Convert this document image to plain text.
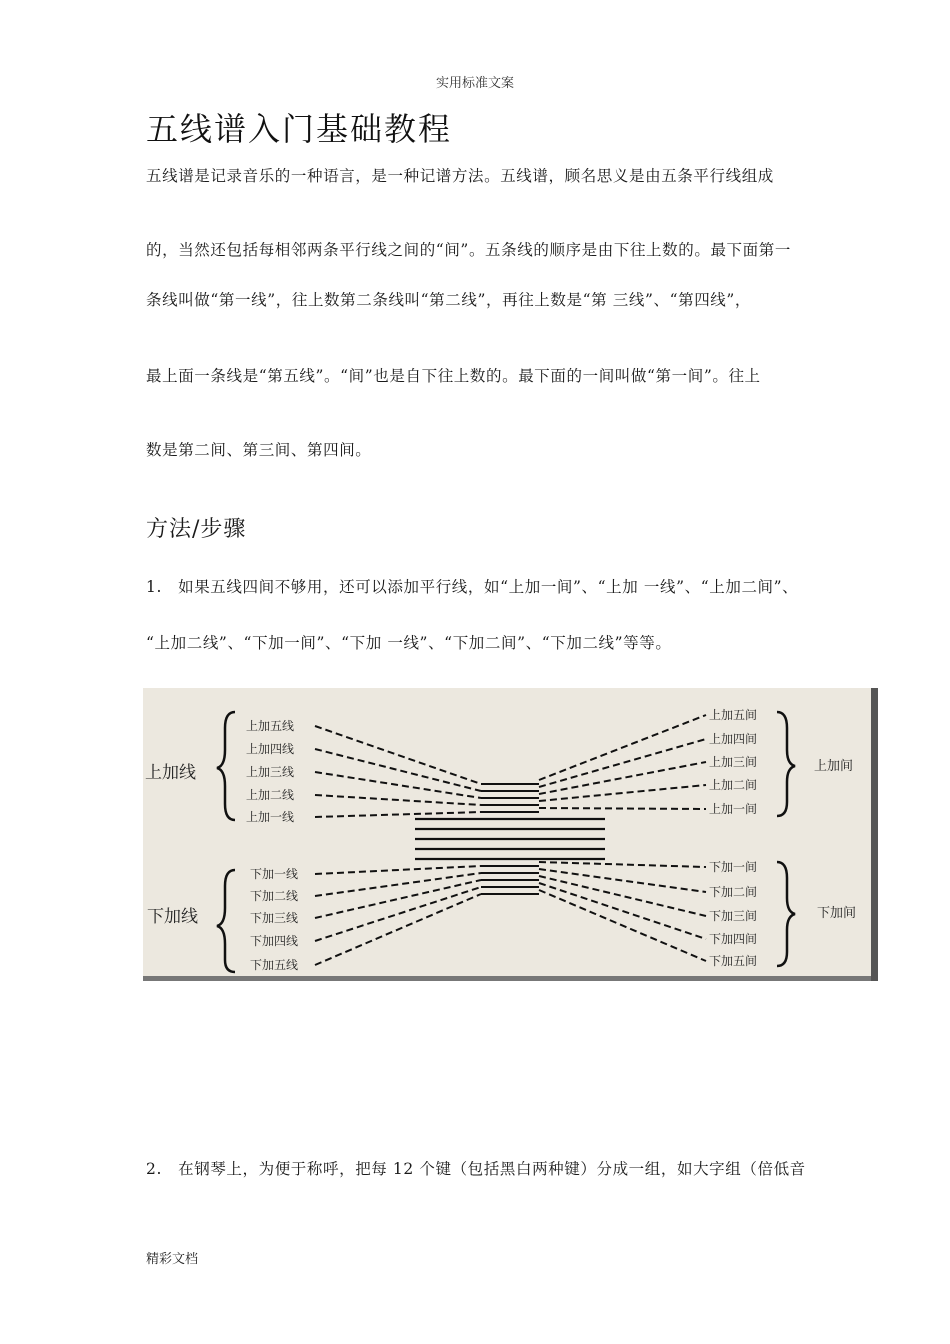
实用标准文案
五线谱入门基础教程
五线谱是记录音乐的一种语言，是一种记谱方法。五线谱，顾名思义是由五条平行线组成
的，当然还包括每相邻两条平行线之间的“间”。五条线的顺序是由下往上数的。最下面第一
条线叫做“第一线”，往上数第二条线叫“第二线”，再往上数是“第 三线”、“第四线”，
最上面一条线是“第五线”。“间”也是自下往上数的。最下面的一间叫做“第一间”。往上
数是第二间、第三间、第四间。
方法/步骤
1.　如果五线四间不够用，还可以添加平行线，如“上加一间”、“上加 一线”、“上加二间”、
“上加二线”、“下加一间”、“下加 一线”、“下加二间”、“下加二线”等等。
上加线
下加线
上加间
下加间
上加五线
上加四线
上加三线
上加二线
上加一线
上加五间
上加四间
上加三间
上加二间
上加一间
下加一线
下加二线
下加三线
下加四线
下加五线
下加一间
下加二间
下加三间
下加四间
下加五间
2.　在钢琴上，为便于称呼，把每 12 个键（包括黑白两种键）分成一组，如大字组（倍低音
精彩文档
